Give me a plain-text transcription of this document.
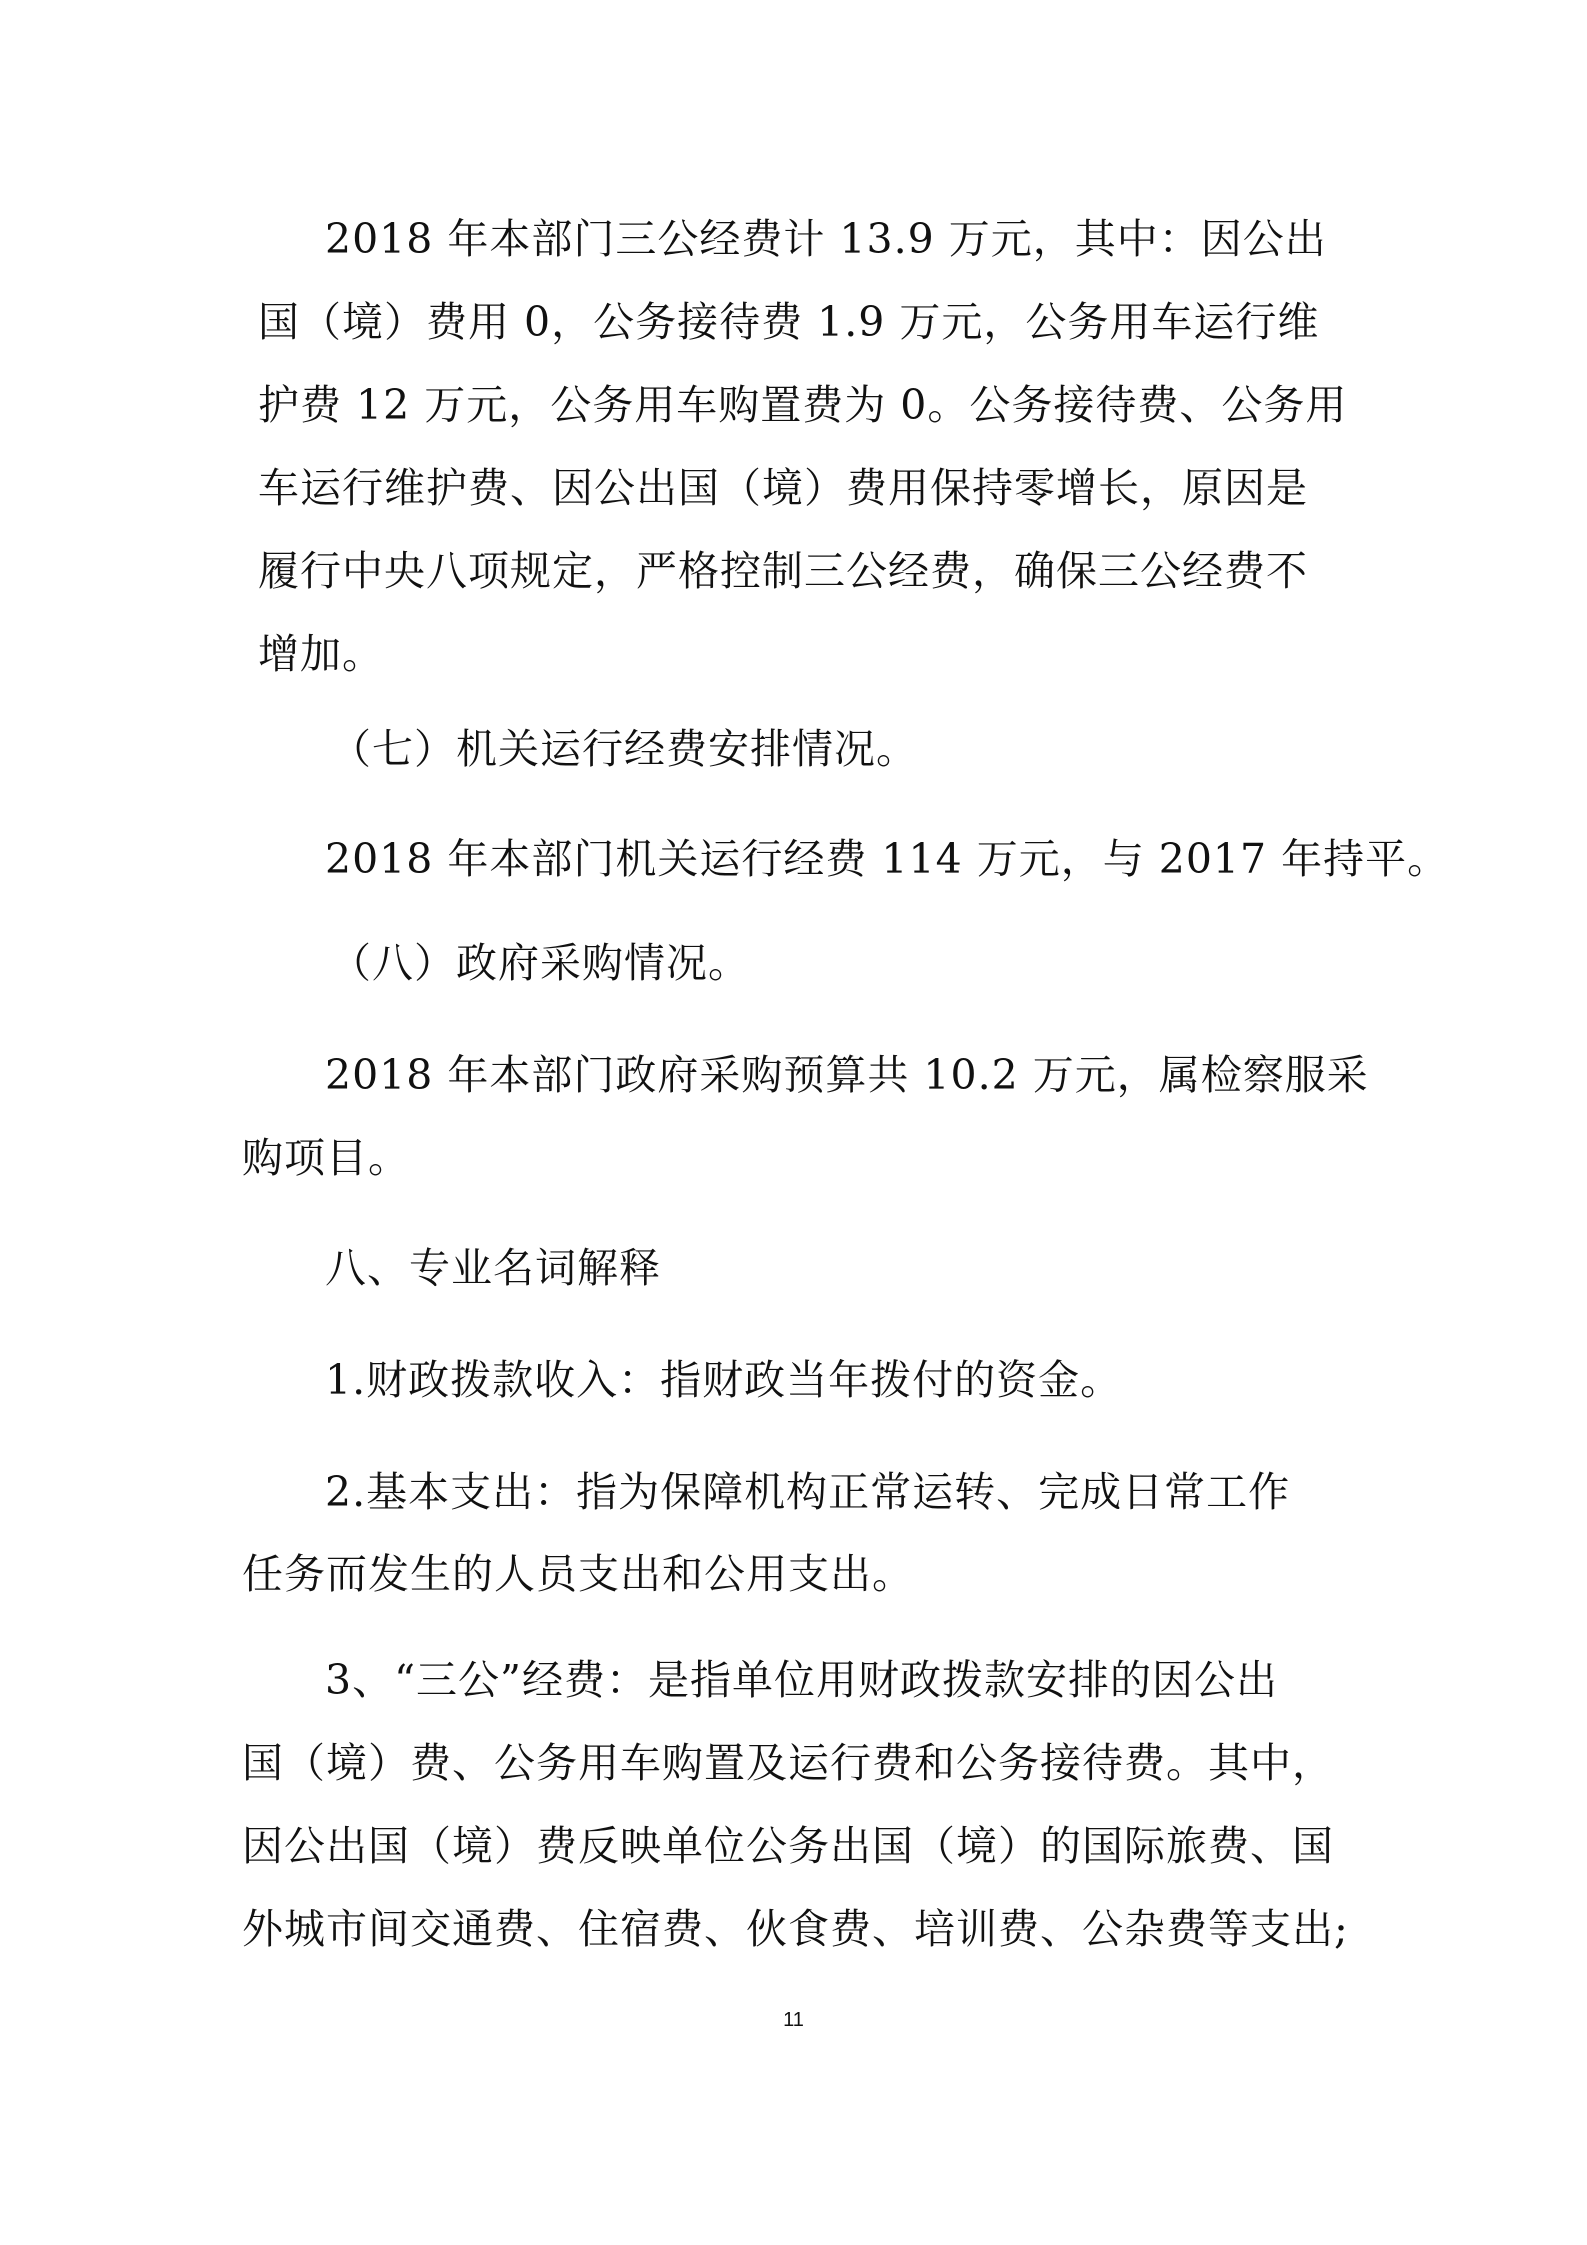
2018 年本部门三公经费计 13.9 万元，其中：因公出
国（境）费用 0，公务接待费 1.9 万元，公务用车运行维
护费 12 万元，公务用车购置费为 0。公务接待费、公务用
车运行维护费、因公出国（境）费用保持零增长，原因是
履行中央八项规定，严格控制三公经费，确保三公经费不
增加。
（七）机关运行经费安排情况。
2018 年本部门机关运行经费 114 万元，与 2017 年持平。
（八）政府采购情况。
2018 年本部门政府采购预算共 10.2 万元，属检察服采
购项目。
八、专业名词解释
1.财政拨款收入：指财政当年拨付的资金。
2.基本支出：指为保障机构正常运转、完成日常工作
任务而发生的人员支出和公用支出。
3、“三公”经费：是指单位用财政拨款安排的因公出
国（境）费、公务用车购置及运行费和公务接待费。其中，
因公出国（境）费反映单位公务出国（境）的国际旅费、国
外城市间交通费、住宿费、伙食费、培训费、公杂费等支出;
11
